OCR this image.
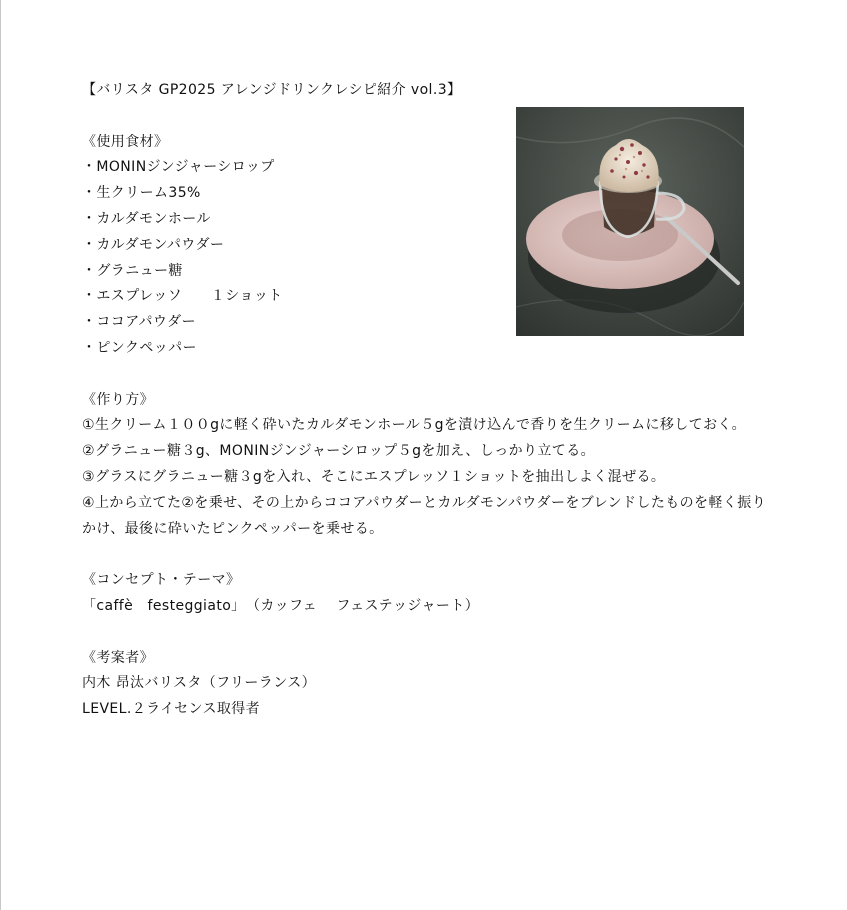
【バリスタ GP2025 アレンジドリンクレシピ紹介 vol.3】
《使用食材》
・MONINジンジャーシロップ
・生クリーム35%
・カルダモンホール
・カルダモンパウダー
・グラニュー糖
・エスプレッソ　　１ショット
・ココアパウダー
・ピンクペッパー
《作り方》
①生クリーム１００gに軽く砕いたカルダモンホール５gを漬け込んで香りを生クリームに移しておく。
②グラニュー糖３g、MONINジンジャーシロップ５gを加え、しっかり立てる。
③グラスにグラニュー糖３gを入れ、そこにエスプレッソ１ショットを抽出しよく混ぜる。
④上から立てた②を乗せ、その上からココアパウダーとカルダモンパウダーをブレンドしたものを軽く振りかけ、最後に砕いたピンクペッパーを乗せる。
《コンセプト・テーマ》
「caffè　festeggiato」　（カッフェ　 フェステッジャート）
《考案者》
内木 昂汰バリスタ（フリーランス）
LEVEL.２ライセンス取得者
